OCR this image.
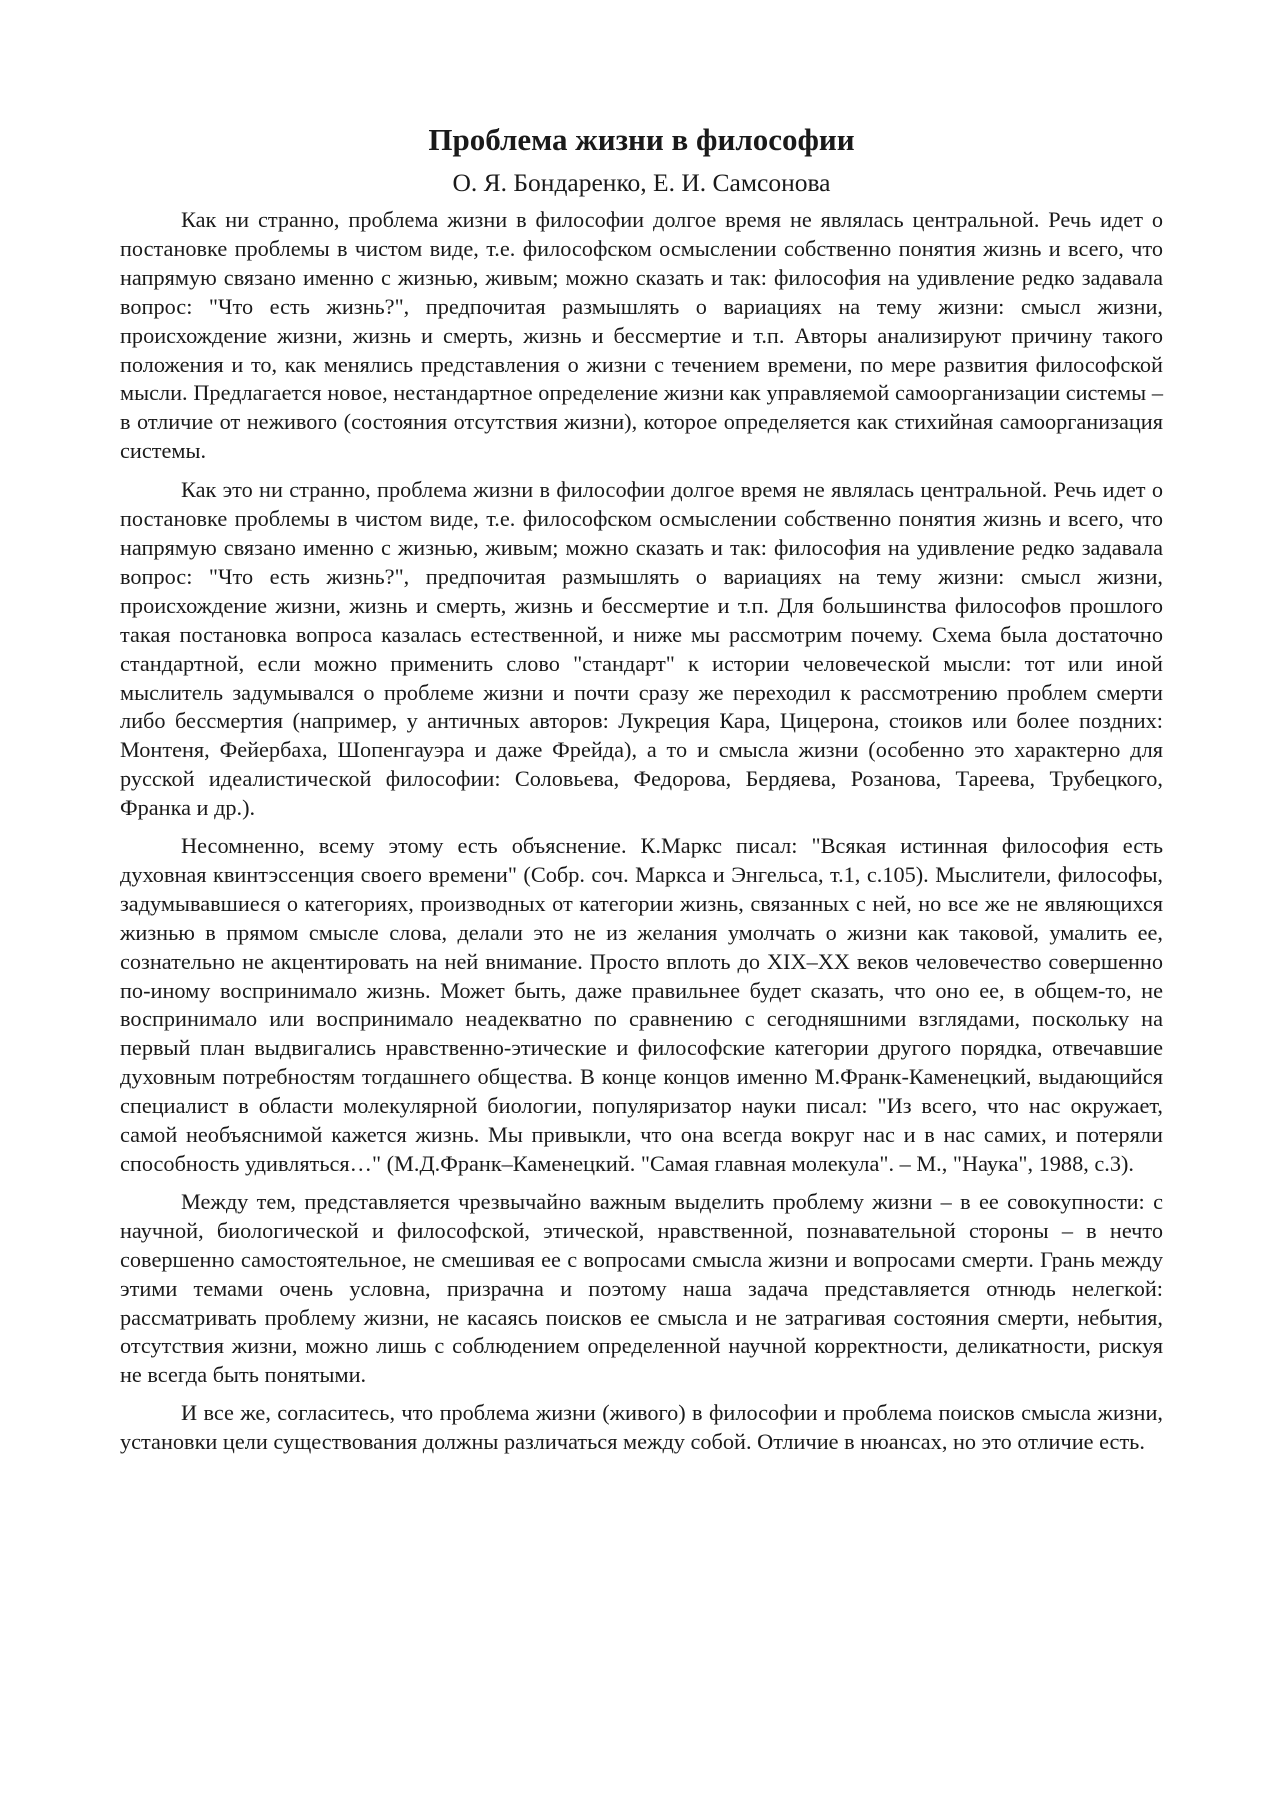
Проблема жизни в философии
О. Я. Бондаренко, Е. И. Самсонова

Как ни странно, проблема жизни в философии долгое время не являлась центральной. Речь идет о постановке проблемы в чистом виде, т.е. философском осмыслении собственно понятия жизнь и всего, что напрямую связано именно с жизнью, живым; можно сказать и так: философия на удивление редко задавала вопрос: "Что есть жизнь?", предпочитая размышлять о вариациях на тему жизни: смысл жизни, происхождение жизни, жизнь и смерть, жизнь и бессмертие и т.п. Авторы анализируют причину такого положения и то, как менялись представления о жизни с течением времени, по мере развития философской мысли. Предлагается новое, нестандартное определение жизни как управляемой самоорганизации системы – в отличие от неживого (состояния отсутствия жизни), которое определяется как стихийная самоорганизация системы.

Как это ни странно, проблема жизни в философии долгое время не являлась центральной. Речь идет о постановке проблемы в чистом виде, т.е. философском осмыслении собственно понятия жизнь и всего, что напрямую связано именно с жизнью, живым; можно сказать и так: философия на удивление редко задавала вопрос: "Что есть жизнь?", предпочитая размышлять о вариациях на тему жизни: смысл жизни, происхождение жизни, жизнь и смерть, жизнь и бессмертие и т.п. Для большинства философов прошлого такая постановка вопроса казалась естественной, и ниже мы рассмотрим почему. Схема была достаточно стандартной, если можно применить слово "стандарт" к истории человеческой мысли: тот или иной мыслитель задумывался о проблеме жизни и почти сразу же переходил к рассмотрению проблем смерти либо бессмертия (например, у античных авторов: Лукреция Кара, Цицерона, стоиков или более поздних: Монтеня, Фейербаха, Шопенгауэра и даже Фрейда), а то и смысла жизни (особенно это характерно для русской идеалистической философии: Соловьева, Федорова, Бердяева, Розанова, Тареева, Трубецкого, Франка и др.).

Несомненно, всему этому есть объяснение. К.Маркс писал: "Всякая истинная философия есть духовная квинтэссенция своего времени" (Собр. соч. Маркса и Энгельса, т.1, с.105). Мыслители, философы, задумывавшиеся о категориях, производных от категории жизнь, связанных с ней, но все же не являющихся жизнью в прямом смысле слова, делали это не из желания умолчать о жизни как таковой, умалить ее, сознательно не акцентировать на ней внимание. Просто вплоть до XIX–XX веков человечество совершенно по-иному воспринимало жизнь. Может быть, даже правильнее будет сказать, что оно ее, в общем-то, не воспринимало или воспринимало неадекватно по сравнению с сегодняшними взглядами, поскольку на первый план выдвигались нравственно-этические и философские категории другого порядка, отвечавшие духовным потребностям тогдашнего общества. В конце концов именно М.Франк-Каменецкий, выдающийся специалист в области молекулярной биологии, популяризатор науки писал: "Из всего, что нас окружает, самой необъяснимой кажется жизнь. Мы привыкли, что она всегда вокруг нас и в нас самих, и потеряли способность удивляться…" (М.Д.Франк–Каменецкий. "Самая главная молекула". – М., "Наука", 1988, с.3).

Между тем, представляется чрезвычайно важным выделить проблему жизни – в ее совокупности: с научной, биологической и философской, этической, нравственной, познавательной стороны – в нечто совершенно самостоятельное, не смешивая ее с вопросами смысла жизни и вопросами смерти. Грань между этими темами очень условна, призрачна и поэтому наша задача представляется отнюдь нелегкой: рассматривать проблему жизни, не касаясь поисков ее смысла и не затрагивая состояния смерти, небытия, отсутствия жизни, можно лишь с соблюдением определенной научной корректности, деликатности, рискуя не всегда быть понятыми.

И все же, согласитесь, что проблема жизни (живого) в философии и проблема поисков смысла жизни, установки цели существования должны различаться между собой. Отличие в нюансах, но это отличие есть.
